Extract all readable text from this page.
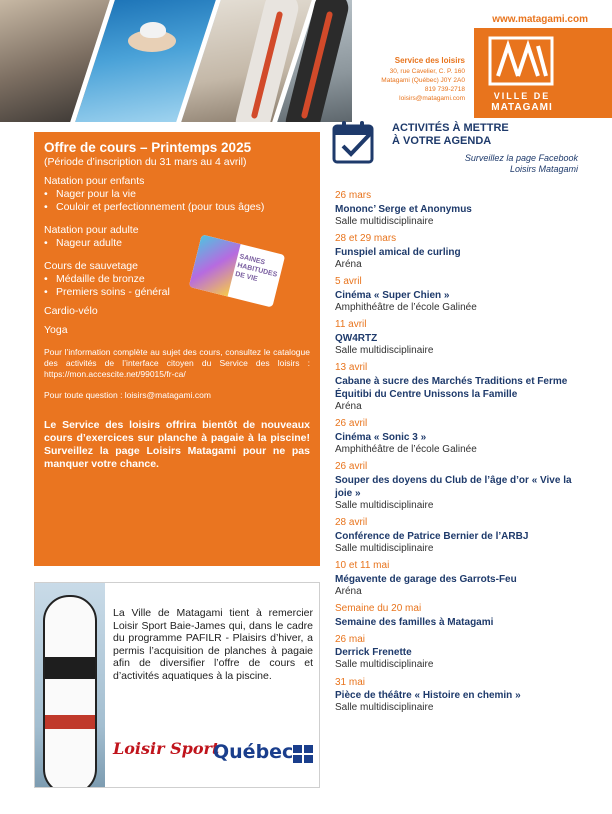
Service des loisirs
30, rue Cavelier, C. P. 160
Matagami (Québec) J0Y 2A0
819 739-2718
loisirs@matagami.com
www.matagami.com
VILLE DE
MATAGAMI
Offre de cours – Printemps 2025
(Période d’inscription du 31 mars au 4 avril)
Natation pour enfants
• Nager pour la vie
• Couloir et perfectionnement (pour tous âges)
Natation pour adulte
• Nageur adulte
Cours de sauvetage
• Médaille de bronze
• Premiers soins - général
Cardio-vélo
Yoga
Pour l’information complète au sujet des cours, consultez le catalogue des activités de l’interface citoyen du Service des loisirs : https://mon.accescite.net/99015/fr-ca/
Pour toute question : loisirs@matagami.com
Le Service des loisirs offrira bientôt de nouveaux cours d’exercices sur planche à pagaie à la piscine! Surveillez la page Loisirs Matagami pour ne pas manquer votre chance.
SAINES HABITUDES DE VIE
La Ville de Matagami tient à remercier Loisir Sport Baie-James qui, dans le cadre du programme PAFILR - Plaisirs d’hiver, a permis l’acquisition de planches à pagaie afin de diversifier l’offre de cours et d’activités aquatiques à la piscine.
Loisir Sport
Québec
ACTIVITÉS À METTRE
À VOTRE AGENDA
Surveillez la page Facebook
Loisirs Matagami
26 mars
Mononc’ Serge et Anonymus
Salle multidisciplinaire
28 et 29 mars
Funspiel amical de curling
Aréna
5 avril
Cinéma « Super Chien »
Amphithéâtre de l’école Galinée
11 avril
QW4RTZ
Salle multidisciplinaire
13 avril
Cabane à sucre des Marchés Traditions et Ferme Équitibi du Centre Unissons la Famille
Aréna
26 avril
Cinéma « Sonic 3 »
Amphithéâtre de l’école Galinée
26 avril
Souper des doyens du Club de l’âge d’or « Vive la joie »
Salle multidisciplinaire
28 avril
Conférence de Patrice Bernier de l’ARBJ
Salle multidisciplinaire
10 et 11 mai
Mégavente de garage des Garrots-Feu
Aréna
Semaine du 20 mai
Semaine des familles à Matagami
26 mai
Derrick Frenette
Salle multidisciplinaire
31 mai
Pièce de théâtre « Histoire en chemin »
Salle multidisciplinaire
